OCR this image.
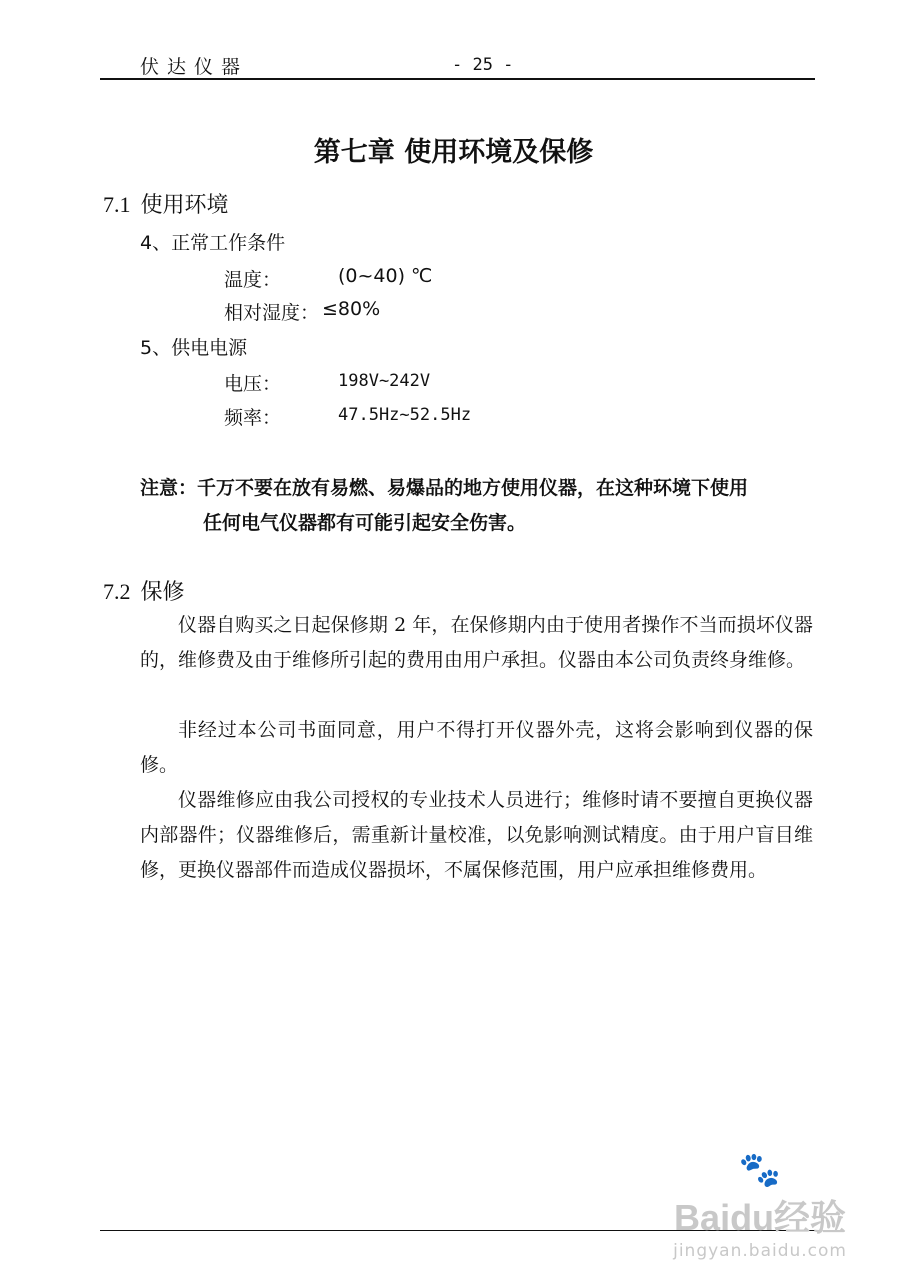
伏达仪器	- 25 -
第七章 使用环境及保修
7.1 使用环境
4、正常工作条件
温度：	(0~40) ℃
相对湿度： ≤80%
5、供电电源
电压：	198V~242V
频率：	47.5Hz~52.5Hz
注意：千万不要在放有易燃、易爆品的地方使用仪器，在这种环境下使用
任何电气仪器都有可能引起安全伤害。
7.2 保修

仪器自购买之日起保修期 2 年，在保修期内由于使用者操作不当而损坏仪器的，维修费及由于维修所引起的费用由用户承担。仪器由本公司负责终身维修。

非经过本公司书面同意，用户不得打开仪器外壳，这将会影响到仪器的保修。

仪器维修应由我公司授权的专业技术人员进行；维修时请不要擅自更换仪器内部器件；仪器维修后，需重新计量校准，以免影响测试精度。由于用户盲目维修，更换仪器部件而造成仪器损坏，不属保修范围，用户应承担维修费用。

🐾
Baidu经验
jingyan.baidu.com
